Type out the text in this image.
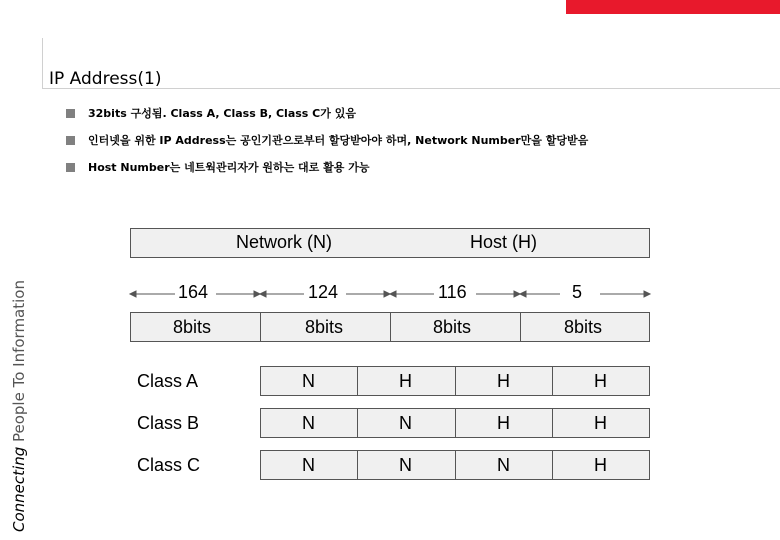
Connecting People To Information
IP Address(1)
32bits 구성됨. Class A, Class B, Class C가 있음
인터넷을 위한 IP Address는 공인기관으로부터 할당받아야 하며, Network Number만을 할당받음
Host Number는 네트웍관리자가 원하는 대로 활용 가능
Network (N)	Host (H)
164	124	116	5
8bits	8bits	8bits	8bits
Class A	N	H	H	H
Class B	N	N	H	H
Class C	N	N	N	H
